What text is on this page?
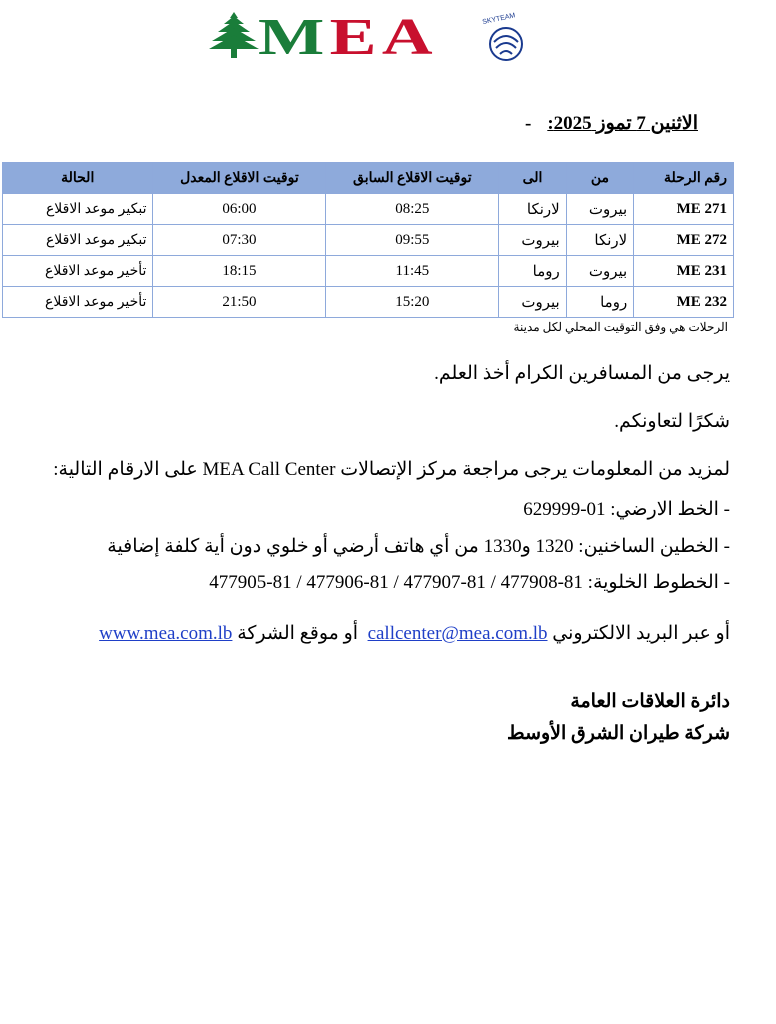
MEA	SKYTEAM
الاثنين 7 تموز 2025:-
رقم الرحلة	من	الى	توقيت الاقلاع السابق	توقيت الاقلاع المعدل	الحالة
ME 271	بيروت	لارنكا	08:25	06:00	تبكير موعد الاقلاع
ME 272	لارنكا	بيروت	09:55	07:30	تبكير موعد الاقلاع
ME 231	بيروت	روما	11:45	18:15	تأخير موعد الاقلاع
ME 232	روما	بيروت	15:20	21:50	تأخير موعد الاقلاع
الرحلات هي وفق التوقيت المحلي لكل مدينة
يرجى من المسافرين الكرام أخذ العلم.
شكرًا لتعاونكم.
لمزيد من المعلومات يرجى مراجعة مركز الإتصالات MEA Call Center على الارقام التالية:
- الخط الارضي: 01-629999
- الخطين الساخنين: 1320 و1330 من أي هاتف أرضي أو خلوي دون أية كلفة إضافية
- الخطوط الخلوية: 81-477908 / 81-477907 / 81-477906 / 81-477905
أو عبر البريد الالكتروني callcenter@mea.com.lb  أو موقع الشركة www.mea.com.lb
دائرة العلاقات العامة
شركة طيران الشرق الأوسط
